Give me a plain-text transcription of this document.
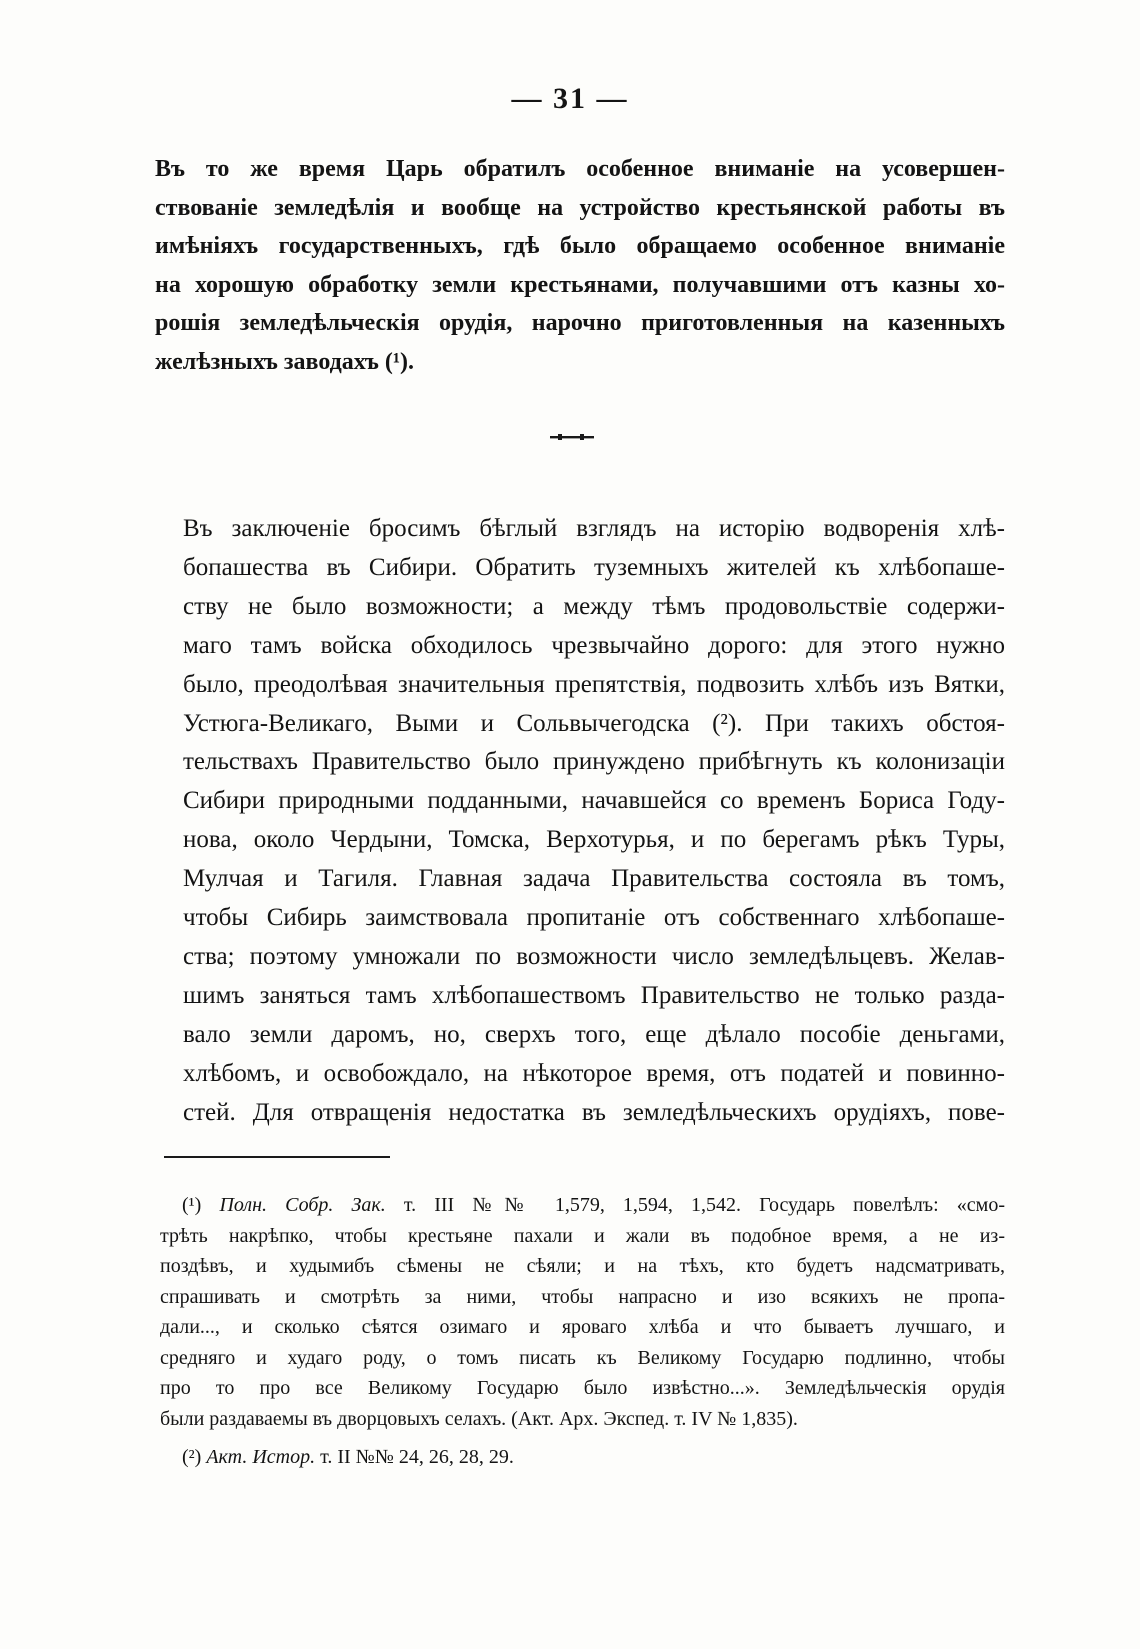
— 31 —
Въ то же время Царь обратилъ особенное вниманіе на усовершен-
ствованіе земледѣлія и вообще на устройство крестьянской работы въ
имѣніяхъ государственныхъ, гдѣ было обращаемо особенное вниманіе
на хорошую обработку земли крестьянами, получавшими отъ казны хо-
рошія земледѣльческія орудія, нарочно приготовленныя на казенныхъ
желѣзныхъ заводахъ (¹).
Въ заключеніе бросимъ бѣглый взглядъ на исторію водворенія хлѣ-
бопашества въ Сибири. Обратить туземныхъ жителей къ хлѣбопаше-
ству не было возможности; а между тѣмъ продовольствіе содержи-
маго тамъ войска обходилось чрезвычайно дорого: для этого нужно
было, преодолѣвая значительныя препятствія, подвозить хлѣбъ изъ Вятки,
Устюга-Великаго, Выми и Сольвычегодска (²). При такихъ обстоя-
тельствахъ Правительство было принуждено прибѣгнуть къ колонизаціи
Сибири природными подданными, начавшейся со временъ Бориса Году-
нова, около Чердыни, Томска, Верхотурья, и по берегамъ рѣкъ Туры,
Мулчая и Тагиля. Главная задача Правительства состояла въ томъ,
чтобы Сибирь заимствовала пропитаніе отъ собственнаго хлѣбопаше-
ства; поэтому умножали по возможности число земледѣльцевъ. Желав-
шимъ заняться тамъ хлѣбопашествомъ Правительство не только разда-
вало земли даромъ, но, сверхъ того, еще дѣлало пособіе деньгами,
хлѣбомъ, и освобождало, на нѣкоторое время, отъ податей и повинно-
стей. Для отвращенія недостатка въ земледѣльческихъ орудіяхъ, пове-
(¹) Полн. Собр. Зак. т. III №№ 1,579, 1,594, 1,542. Государь повелѣлъ: «смо-
трѣть накрѣпко, чтобы крестьяне пахали и жали въ подобное время, а не из-
поздѣвъ, и худымибъ сѣмены не сѣяли; и на тѣхъ, кто будетъ надсматривать,
спрашивать и смотрѣть за ними, чтобы напрасно и изо всякихъ не пропа-
дали..., и сколько сѣятся озимаго и яроваго хлѣба и что бываетъ лучшаго, и
средняго и худаго роду, о томъ писать къ Великому Государю подлинно, чтобы
про то про все Великому Государю было извѣстно...». Земледѣльческія орудія
были раздаваемы въ дворцовыхъ селахъ. (Акт. Арх. Экспед. т. IV № 1,835).
(²) Акт. Истор. т. II №№ 24, 26, 28, 29.
